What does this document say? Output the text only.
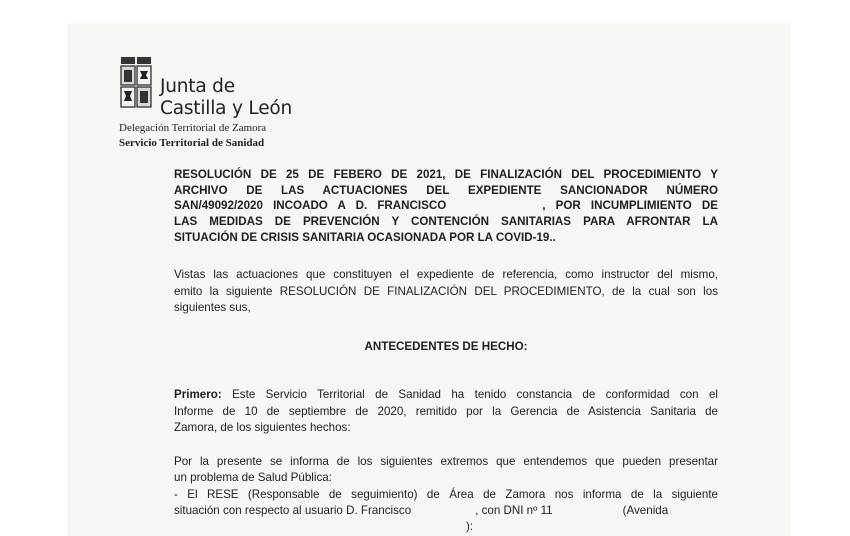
Junta de
Castilla y León
Delegación Territorial de Zamora
Servicio Territorial de Sanidad
RESOLUCIÓN DE 25 DE FEBERO DE 2021, DE FINALIZACIÓN DEL PROCEDIMIENTO Y
ARCHIVO DE LAS ACTUACIONES DEL EXPEDIENTE SANCIONADOR NÚMERO
SAN/49092/2020 INCOADO A D. FRANCISCO	, POR INCUMPLIMIENTO DE
LAS MEDIDAS DE PREVENCIÓN Y CONTENCIÓN SANITARIAS PARA AFRONTAR LA
SITUACIÓN DE CRISIS SANITARIA OCASIONADA POR LA COVID-19..
Vistas las actuaciones que constituyen el expediente de referencia, como instructor del mismo,
emito la siguiente RESOLUCIÓN DE FINALIZACIÓN DEL PROCEDIMIENTO, de la cual son los
siguientes sus,
ANTECEDENTES DE HECHO:
Primero: Este Servicio Territorial de Sanidad ha tenido constancia de conformidad con el
Informe de 10 de septiembre de 2020, remitido por la Gerencia de Asistencia Sanitaria de
Zamora, de los siguientes hechos:
Por la presente se informa de los siguientes extremos que entendemos que pueden presentar
un problema de Salud Pública:
- El RESE (Responsable de seguimiento) de Área de Zamora nos informa de la siguiente
situación con respecto al usuario D. Francisco	, con DNI nº 11	(Avenida
):
